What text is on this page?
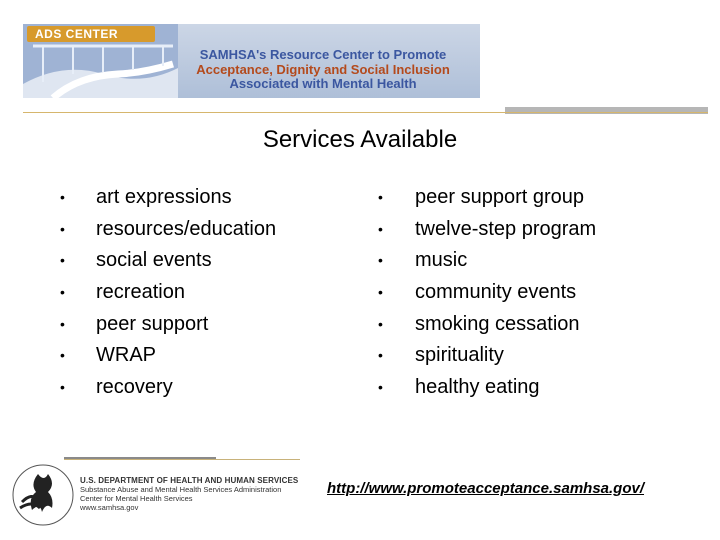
ADS CENTER
SAMHSA's Resource Center to Promote
Acceptance, Dignity and Social Inclusion
Associated with Mental Health
Services Available
• art expressions
• resources/education
• social events
• recreation
• peer support
• WRAP
• recovery
• peer support group
• twelve-step program
• music
• community events
• smoking cessation
• spirituality
• healthy eating
U.S. DEPARTMENT OF HEALTH AND HUMAN SERVICES
Substance Abuse and Mental Health Services Administration
Center for Mental Health Services
www.samhsa.gov
http://www.promoteacceptance.samhsa.gov/
